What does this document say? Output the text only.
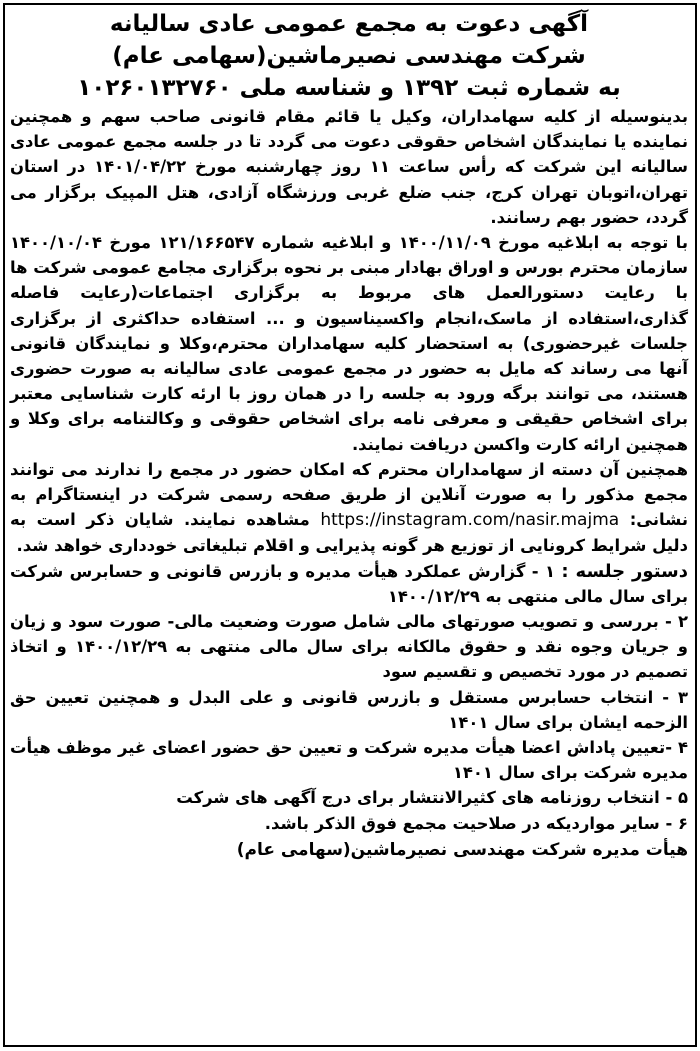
آگهی دعوت به مجمع عمومی عادی سالیانه

شرکت مهندسی نصیرماشین(سهامی عام)

به شماره ثبت ۱۳۹۲ و شناسه ملی ۱۰۲۶۰۱۳۲۷۶۰

بدینوسیله از کلیه سهامداران، وکیل یا قائم مقام قانونی صاحب سهم و همچنین نماینده یا نمایندگان اشخاص حقوقی دعوت می گردد تا در جلسه مجمع عمومی عادی سالیانه این شرکت که رأس ساعت ۱۱ روز چهارشنبه مورخ ۱۴۰۱/۰۴/۲۲ در استان تهران،اتوبان تهران کرج، جنب ضلع غربی ورزشگاه آزادی، هتل المپیک برگزار می گردد، حضور بهم رسانند.

با توجه به ابلاغیه مورخ ۱۴۰۰/۱۱/۰۹ و ابلاغیه شماره ۱۲۱/۱۶۶۵۴۷ مورخ ۱۴۰۰/۱۰/۰۴ سازمان محترم بورس و اوراق بهادار مبنی بر نحوه برگزاری مجامع عمومی شرکت ها با رعایت دستورالعمل های مربوط به برگزاری اجتماعات(رعایت فاصله گذاری،استفاده از ماسک،انجام واکسیناسیون و ... استفاده حداکثری از برگزاری جلسات غیرحضوری) به استحضار کلیه سهامداران محترم،وکلا و نمایندگان قانونی آنها می رساند که مایل به حضور در مجمع عمومی عادی سالیانه به صورت حضوری هستند، می توانند برگه ورود به جلسه را در همان روز با ارئه کارت شناسایی معتبر برای اشخاص حقیقی و معرفی نامه برای اشخاص حقوقی و وکالتنامه برای وکلا و همچنین ارائه کارت واکسن دریافت نمایند.

همچنین آن دسته از سهامداران محترم که امکان حضور در مجمع را ندارند می توانند مجمع مذکور را به صورت آنلاین از طریق صفحه رسمی شرکت در اینستاگرام به نشانی: https://instagram.com/nasir.majma مشاهده نمایند. شایان ذکر است به دلیل شرایط کرونایی از توزیع هر گونه پذیرایی و اقلام تبلیغاتی خودداری خواهد شد.

دستور جلسه : ۱ - گزارش عملکرد هیأت مدیره و بازرس قانونی و حسابرس شرکت برای سال مالی منتهی به ۱۴۰۰/۱۲/۲۹

۲ - بررسی و تصویب صورتهای مالی شامل صورت وضعیت مالی- صورت سود و زیان و جریان وجوه نقد و حقوق مالکانه برای سال مالی منتهی به ۱۴۰۰/۱۲/۲۹ و اتخاذ تصمیم در مورد تخصیص و تقسیم سود

۳ - انتخاب حسابرس مستقل و بازرس قانونی و علی البدل و همچنین تعیین حق الزحمه ایشان برای سال ۱۴۰۱

۴ -تعیین پاداش اعضا هیأت مدیره شرکت و تعیین حق حضور اعضای غیر موظف هیأت مدیره شرکت برای سال ۱۴۰۱

۵ - انتخاب روزنامه های کثیرالانتشار برای درج آگهی های شرکت

۶ - سایر مواردیکه در صلاحیت مجمع فوق الذکر باشد.

هیأت مدیره شرکت مهندسی نصیرماشین(سهامی عام)
